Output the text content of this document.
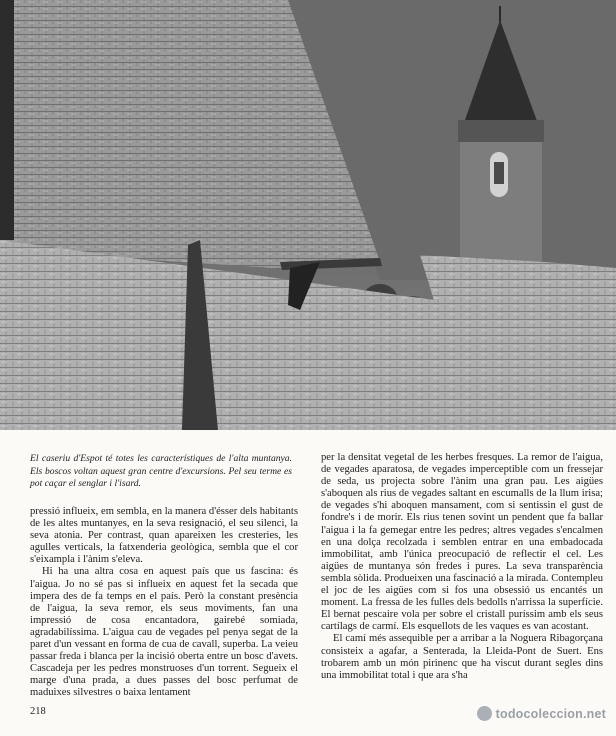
El caseriu d'Espot té totes les característiques de l'alta muntanya. Els boscos voltan aquest gran centre d'excursions. Pel seu terme es pot caçar el senglar i l'isard.

pressió influeix, em sembla, en la manera d'ésser dels habitants de les altes muntanyes, en la seva resignació, el seu silenci, la seva atonia. Per contrast, quan apareixen les cresteries, les agulles verticals, la fatxenderia geològica, sembla que el cor s'eixampla i l'ànim s'eleva.

Hi ha una altra cosa en aquest país que us fascina: és l'aigua. Jo no sé pas si influeix en aquest fet la secada que impera des de fa temps en el país. Però la constant presència de l'aigua, la seva remor, els seus moviments, fan una impressió de cosa encantadora, gairebé somiada, agradabilíssima. L'aigua cau de vegades pel penya segat de la paret d'un vessant en forma de cua de cavall, superba. La veieu passar freda i blanca per la incisió oberta entre un bosc d'avets. Cascadeja per les pedres monstruoses d'un torrent. Segueix el marge d'una prada, a dues passes del bosc perfumat de maduixes silvestres o baixa lentament

per la densitat vegetal de les herbes fresques. La remor de l'aigua, de vegades aparatosa, de vegades imperceptible com un fressejar de seda, us projecta sobre l'ànim una gran pau. Les aigües s'aboquen als rius de vegades saltant en escumalls de la llum irisa; de vegades s'hi aboquen mansament, com si sentissin el gust de fondre's i de morir. Els rius tenen sovint un pendent que fa ballar l'aigua i la fa gemegar entre les pedres; altres vegades s'encalmen en una dolça recolzada i semblen entrar en una embadocada immobilitat, amb l'única preocupació de reflectir el cel. Les aigües de muntanya són fredes i pures. La seva transparència sembla sòlida. Produeixen una fascinació a la mirada. Contempleu el joc de les aigües com si fos una obsessió us encantés un moment. La fressa de les fulles dels bedolls n'arrissa la superfície. El bernat pescaire vola per sobre el cristall puríssim amb els seus cartílags de carmí. Els esquellots de les vaques es van acostant.

El camí més assequible per a arribar a la Noguera Ribagorçana consisteix a agafar, a Senterada, la Lleida-Pont de Suert. Ens trobarem amb un món pirinenc que ha viscut durant segles dins una immobilitat total i que ara s'ha

218	todocoleccion.net
